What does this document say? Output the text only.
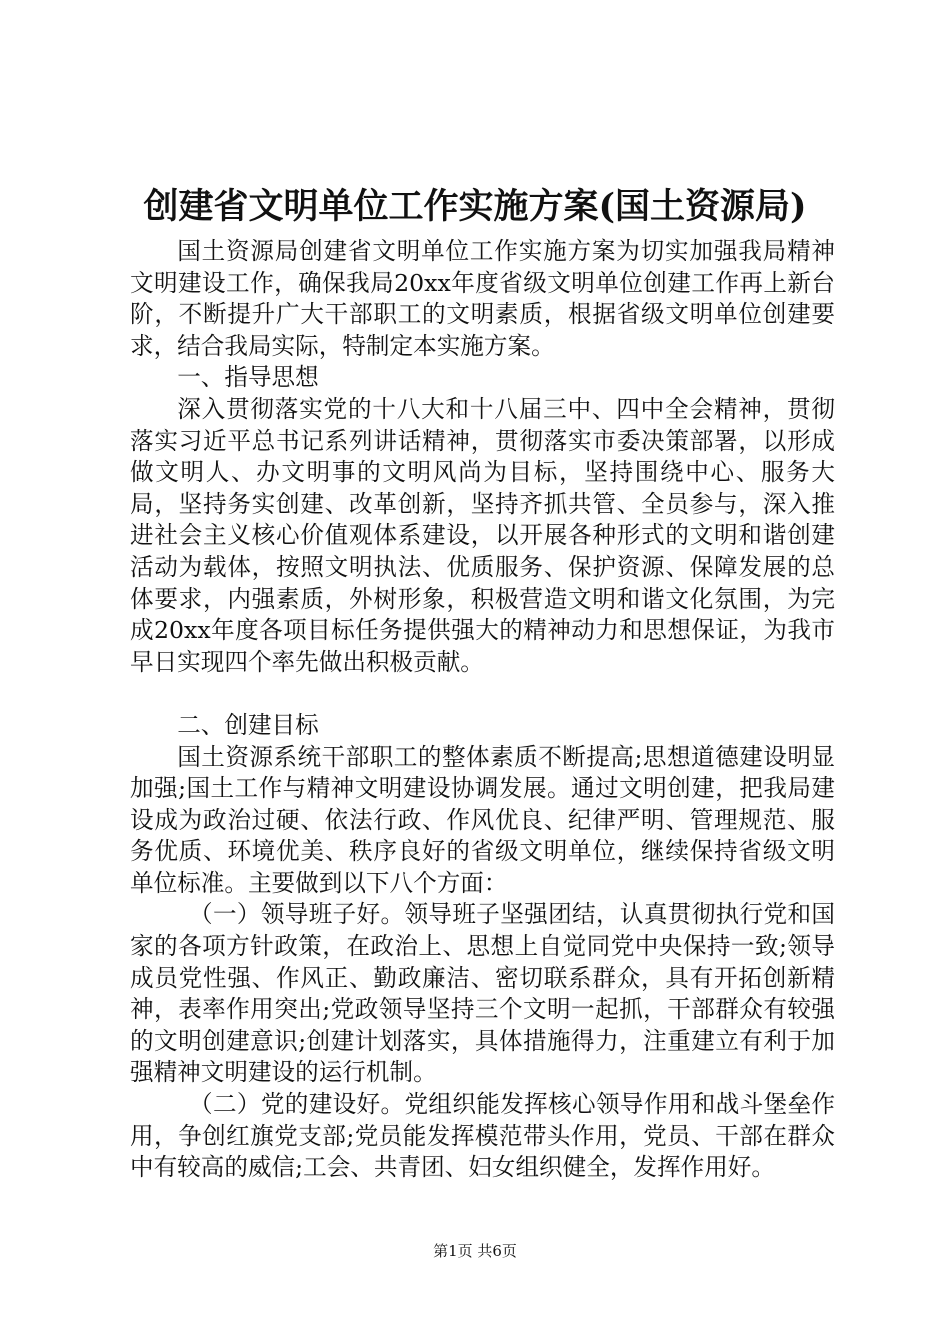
创建省文明单位工作实施方案(国土资源局)

国土资源局创建省文明单位工作实施方案为切实加强我局精神文明建设工作，确保我局20xx年度省级文明单位创建工作再上新台阶，不断提升广大干部职工的文明素质，根据省级文明单位创建要求，结合我局实际，特制定本实施方案。

一、指导思想

深入贯彻落实党的十八大和十八届三中、四中全会精神，贯彻落实习近平总书记系列讲话精神，贯彻落实市委决策部署，以形成做文明人、办文明事的文明风尚为目标，坚持围绕中心、服务大局，坚持务实创建、改革创新，坚持齐抓共管、全员参与，深入推进社会主义核心价值观体系建设，以开展各种形式的文明和谐创建活动为载体，按照文明执法、优质服务、保护资源、保障发展的总体要求，内强素质，外树形象，积极营造文明和谐文化氛围，为完成20xx年度各项目标任务提供强大的精神动力和思想保证，为我市早日实现四个率先做出积极贡献。

二、创建目标

国土资源系统干部职工的整体素质不断提高;思想道德建设明显加强;国土工作与精神文明建设协调发展。通过文明创建，把我局建设成为政治过硬、依法行政、作风优良、纪律严明、管理规范、服务优质、环境优美、秩序良好的省级文明单位，继续保持省级文明单位标准。主要做到以下八个方面：

（一）领导班子好。领导班子坚强团结，认真贯彻执行党和国家的各项方针政策，在政治上、思想上自觉同党中央保持一致;领导成员党性强、作风正、勤政廉洁、密切联系群众，具有开拓创新精神，表率作用突出;党政领导坚持三个文明一起抓，干部群众有较强的文明创建意识;创建计划落实，具体措施得力，注重建立有利于加强精神文明建设的运行机制。

（二）党的建设好。党组织能发挥核心领导作用和战斗堡垒作用，争创红旗党支部;党员能发挥模范带头作用，党员、干部在群众中有较高的威信;工会、共青团、妇女组织健全，发挥作用好。

第1页 共6页
